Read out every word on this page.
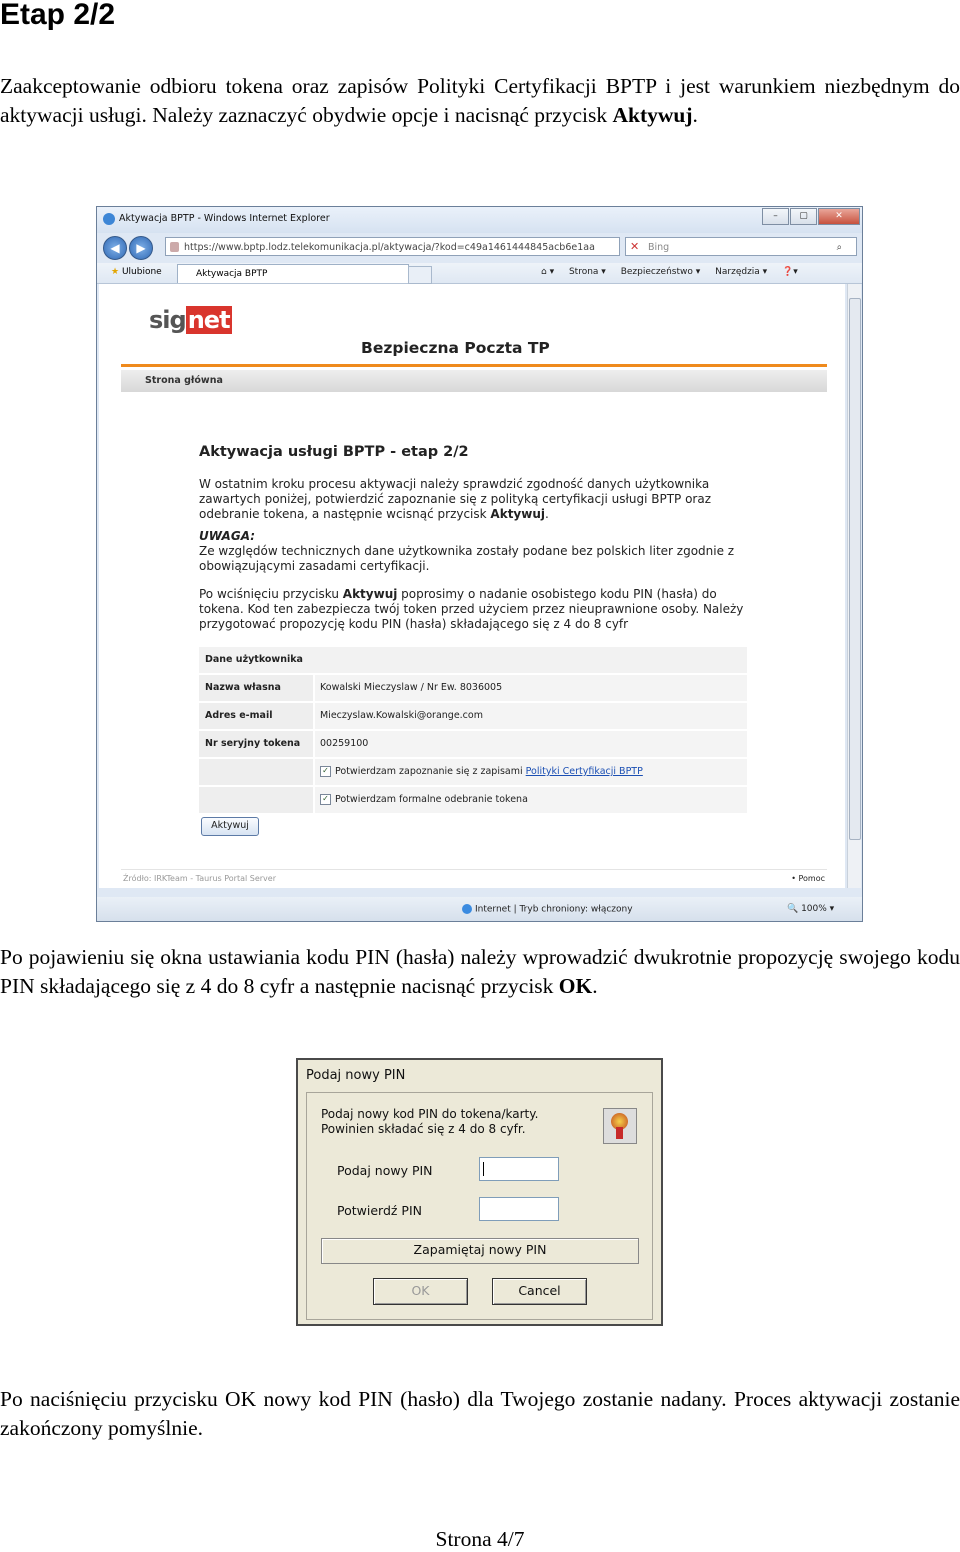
Etap 2/2
Zaakceptowanie odbioru tokena oraz zapisów Polityki Certyfikacji BPTP i jest warunkiem niezbędnym do aktywacji usługi. Należy zaznaczyć obydwie opcje i nacisnąć przycisk Aktywuj.
Aktywacja BPTP - Windows Internet Explorer	–	▢	✕
◀	▶	https://www.bptp.lodz.telekomunikacja.pl/aktywacja/?kod=c49a1461444845acb6e1aa	✕ Bing	⌕
★ Ulubione	Aktywacja BPTP	⌂ ▾ Strona ▾ Bezpieczeństwo ▾ Narzędzia ▾ ❓▾
signet
Bezpieczna Poczta TP
Strona główna
Aktywacja usługi BPTP - etap 2/2
W ostatnim kroku procesu aktywacji należy sprawdzić zgodność danych użytkownika zawartych poniżej, potwierdzić zapoznanie się z polityką certyfikacji usługi BPTP oraz odebranie tokena, a następnie wcisnąć przycisk Aktywuj.
UWAGA:
Ze względów technicznych dane użytkownika zostały podane bez polskich liter zgodnie z obowiązującymi zasadami certyfikacji.
Po wciśnięciu przycisku Aktywuj poprosimy o nadanie osobistego kodu PIN (hasła) do tokena. Kod ten zabezpiecza twój token przed użyciem przez nieuprawnione osoby. Należy przygotować propozycję kodu PIN (hasła) składającego się z 4 do 8 cyfr
Dane użytkownika
Nazwa własna	Kowalski Mieczyslaw / Nr Ew. 8036005
Adres e-mail	Mieczyslaw.Kowalski@orange.com
Nr seryjny tokena	00259100
✓ Potwierdzam zapoznanie się z zapisami Polityki Certyfikacji BPTP
✓ Potwierdzam formalne odebranie tokena
Aktywuj
Źródło: IRKTeam - Taurus Portal Server	• Pomoc
Internet | Tryb chroniony: włączony	🔍 100% ▾
Po pojawieniu się okna ustawiania kodu PIN (hasła) należy wprowadzić dwukrotnie propozycję swojego kodu PIN składającego się z 4 do 8 cyfr a następnie nacisnąć przycisk OK.
Podaj nowy PIN
Podaj nowy kod PIN do tokena/karty.
Powinien składać się z 4 do 8 cyfr.
Podaj nowy PIN
Potwierdź PIN
Zapamiętaj nowy PIN
OK	Cancel
Po naciśnięciu przycisku OK nowy kod PIN (hasło) dla Twojego zostanie nadany. Proces aktywacji zostanie zakończony pomyślnie.
Strona 4/7
